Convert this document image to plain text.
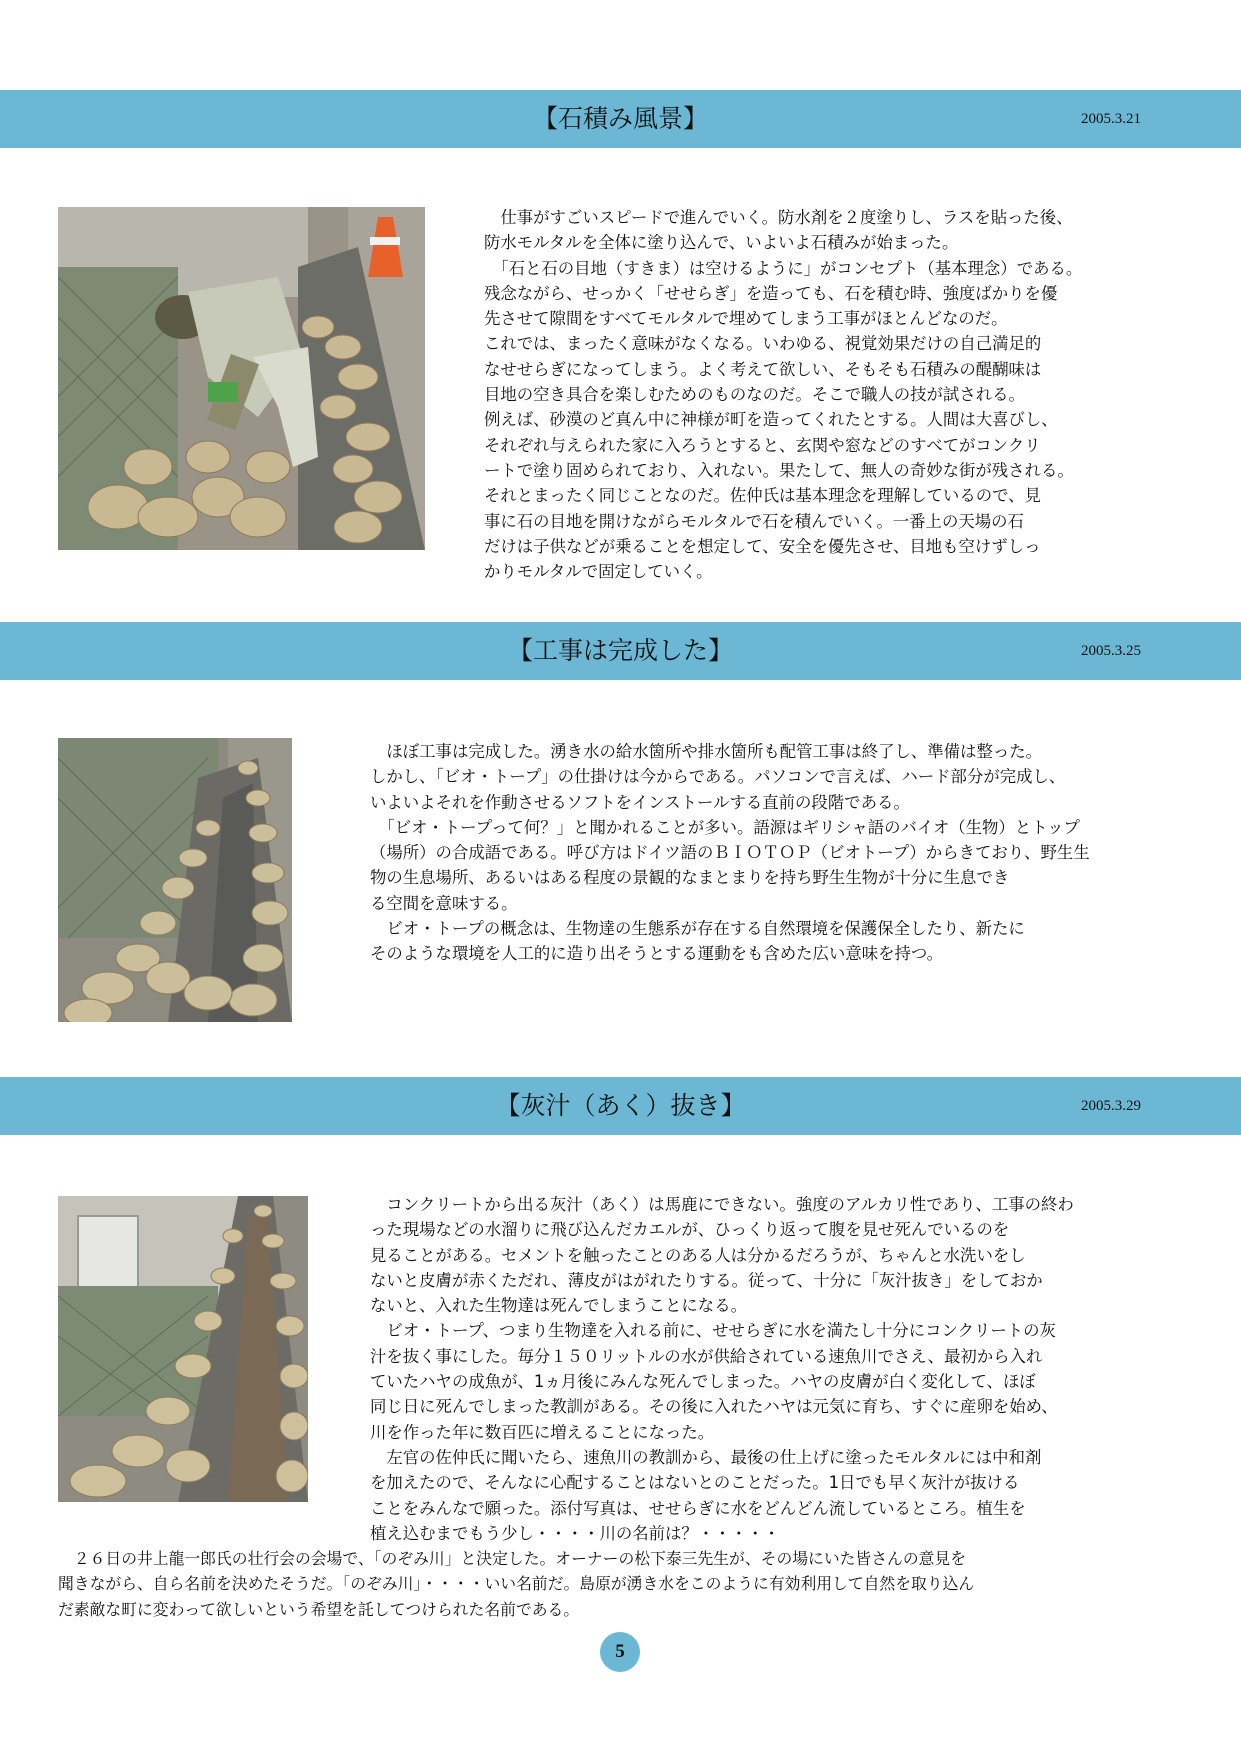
【石積み風景】	2005.3.21

　仕事がすごいスピードで進んでいく。防水剤を２度塗りし、ラスを貼った後、

防水モルタルを全体に塗り込んで、いよいよ石積みが始まった。

　「石と石の目地（すきま）は空けるように」がコンセプト（基本理念）である。

残念ながら、せっかく「せせらぎ」を造っても、石を積む時、強度ばかりを優

先させて隙間をすべてモルタルで埋めてしまう工事がほとんどなのだ。

これでは、まったく意味がなくなる。いわゆる、視覚効果だけの自己満足的

なせせらぎになってしまう。よく考えて欲しい、そもそも石積みの醍醐味は

目地の空き具合を楽しむためのものなのだ。そこで職人の技が試される。

例えば、砂漠のど真ん中に神様が町を造ってくれたとする。人間は大喜びし、

それぞれ与えられた家に入ろうとすると、玄関や窓などのすべてがコンクリ

ートで塗り固められており、入れない。果たして、無人の奇妙な街が残される。

それとまったく同じことなのだ。佐仲氏は基本理念を理解しているので、見

事に石の目地を開けながらモルタルで石を積んでいく。一番上の天場の石

だけは子供などが乗ることを想定して、安全を優先させ、目地も空けずしっ

かりモルタルで固定していく。

【工事は完成した】	2005.3.25

　ほぼ工事は完成した。湧き水の給水箇所や排水箇所も配管工事は終了し、準備は整った。

しかし、「ビオ・トープ」の仕掛けは今からである。パソコンで言えば、ハード部分が完成し、

いよいよそれを作動させるソフトをインストールする直前の段階である。

　「ビオ・トープって何？」と聞かれることが多い。語源はギリシャ語のバイオ（生物）とトップ

（場所）の合成語である。呼び方はドイツ語のＢＩＯＴＯＰ（ビオトープ）からきており、野生生

物の生息場所、あるいはある程度の景観的なまとまりを持ち野生生物が十分に生息でき

る空間を意味する。

　ビオ・トープの概念は、生物達の生態系が存在する自然環境を保護保全したり、新たに

そのような環境を人工的に造り出そうとする運動をも含めた広い意味を持つ。

【灰汁（あく）抜き】	2005.3.29

　コンクリートから出る灰汁（あく）は馬鹿にできない。強度のアルカリ性であり、工事の終わ

った現場などの水溜りに飛び込んだカエルが、ひっくり返って腹を見せ死んでいるのを

見ることがある。セメントを触ったことのある人は分かるだろうが、ちゃんと水洗いをし

ないと皮膚が赤くただれ、薄皮がはがれたりする。従って、十分に「灰汁抜き」をしておか

ないと、入れた生物達は死んでしまうことになる。

　ビオ・トープ、つまり生物達を入れる前に、せせらぎに水を満たし十分にコンクリートの灰

汁を抜く事にした。毎分１５０リットルの水が供給されている速魚川でさえ、最初から入れ

ていたハヤの成魚が、1ヵ月後にみんな死んでしまった。ハヤの皮膚が白く変化して、ほぼ

同じ日に死んでしまった教訓がある。その後に入れたハヤは元気に育ち、すぐに産卵を始め、

川を作った年に数百匹に増えることになった。

　左官の佐仲氏に聞いたら、速魚川の教訓から、最後の仕上げに塗ったモルタルには中和剤

を加えたので、そんなに心配することはないとのことだった。1日でも早く灰汁が抜ける

ことをみんなで願った。添付写真は、せせらぎに水をどんどん流しているところ。植生を

植え込むまでもう少し・・・・川の名前は？・・・・・

　２６日の井上龍一郎氏の壮行会の会場で、「のぞみ川」と決定した。オーナーの松下泰三先生が、その場にいた皆さんの意見を

聞きながら、自ら名前を決めたそうだ。「のぞみ川」・・・・いい名前だ。島原が湧き水をこのように有効利用して自然を取り込ん

だ素敵な町に変わって欲しいという希望を託してつけられた名前である。

5
